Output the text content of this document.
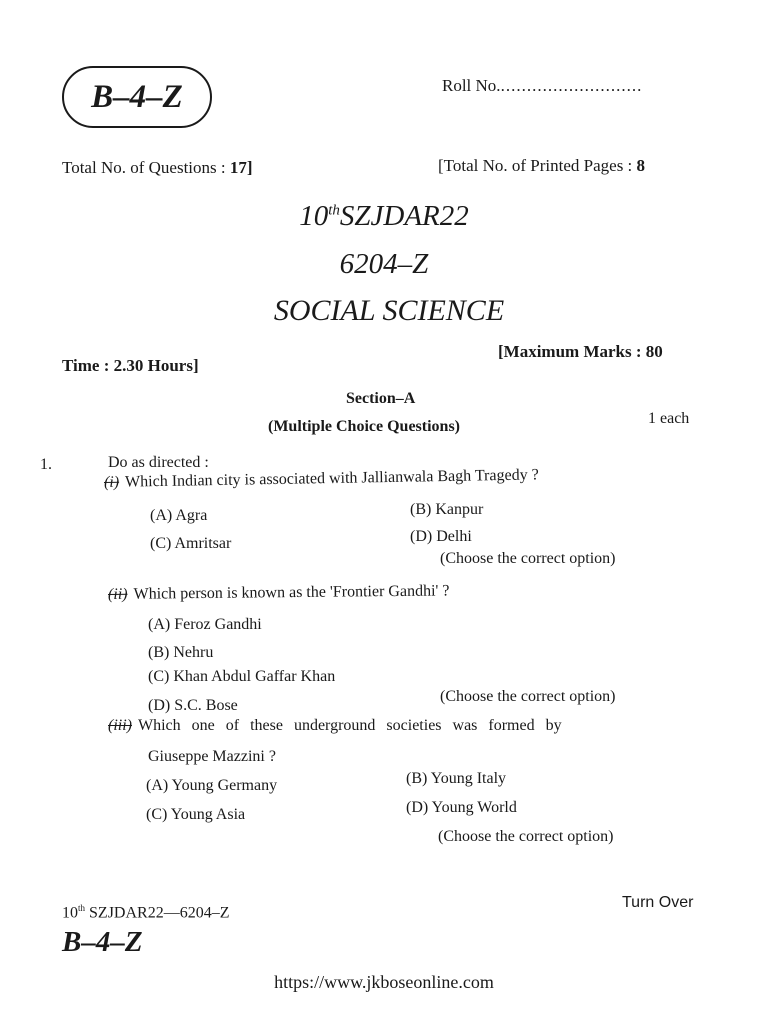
B–4–Z	Roll No............................
Total No. of Questions : 17]	[Total No. of Printed Pages : 8
10thSZJDAR22
6204–Z
SOCIAL SCIENCE
Time : 2.30 Hours]
[Maximum Marks : 80
Section–A
(Multiple Choice Questions)	1 each
1.	Do as directed :
(i) Which Indian city is associated with Jallianwala Bagh Tragedy ?
(A) Agra	(B) Kanpur
(C) Amritsar	(D) Delhi
(Choose the correct option)
(ii) Which person is known as the 'Frontier Gandhi' ?
(A) Feroz Gandhi
(B) Nehru
(C) Khan Abdul Gaffar Khan
(D) S.C. Bose
(Choose the correct option)
(iii) Which one of these underground societies was formed by
Giuseppe Mazzini ?
(A) Young Germany	(B) Young Italy
(C) Young Asia	(D) Young World
(Choose the correct option)
10th SZJDAR22—6204–Z
Turn Over
B–4–Z
https://www.jkboseonline.com
